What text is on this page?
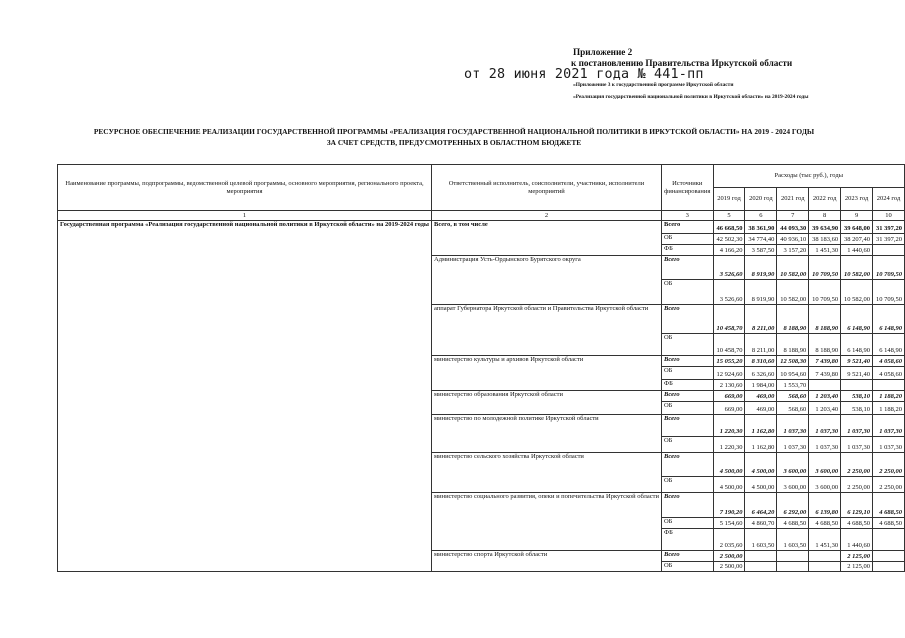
Приложение 2
к постановлению Правительства Иркутской области
от 28 июня 2021 года № 441-пп
«Приложение 3 к государственной программе Иркутской области
«Реализация государственной национальной политики в Иркутской области» на 2019-2024 годы
РЕСУРСНОЕ ОБЕСПЕЧЕНИЕ РЕАЛИЗАЦИИ ГОСУДАРСТВЕННОЙ ПРОГРАММЫ «РЕАЛИЗАЦИЯ ГОСУДАРСТВЕННОЙ НАЦИОНАЛЬНОЙ ПОЛИТИКИ В ИРКУТСКОЙ ОБЛАСТИ» НА 2019 - 2024 ГОДЫ
ЗА СЧЕТ СРЕДСТВ, ПРЕДУСМОТРЕННЫХ В ОБЛАСТНОМ БЮДЖЕТЕ
Наименование программы, подпрограммы, ведомственной целевой программы, основного мероприятия, регионального проекта, мероприятия	Ответственный исполнитель, соисполнители, участники, исполнители мероприятий	Источники финансирования	Расходы (тыс руб.), годы					
			2019 год	2020 год	2021 год	2022 год	2023 год	2024 год
1	2	3	5	6	7	8	9	10
Государственная программа «Реализация государственной национальной политики в Иркутской области» на 2019-2024 годы	Всего, в том числе	Всего	46 668,50	38 361,90	44 093,30	39 634,90	39 648,00	31 397,20
		ОБ	42 502,30	34 774,40	40 936,10	38 183,60	38 207,40	31 397,20
		ФБ	4 166,20	3 587,50	3 157,20	1 451,30	1 440,60	
	Администрация Усть-Ордынского Бурятского округа	Всего	3 526,60	8 919,90	10 582,00	10 709,50	10 582,00	10 709,50
		ОБ	3 526,60	8 919,90	10 582,00	10 709,50	10 582,00	10 709,50
	аппарат Губернатора Иркутской области и Правительства Иркутской области	Всего	10 458,70	8 211,00	8 188,90	8 188,90	6 148,90	6 148,90
		ОБ	10 458,70	8 211,00	8 188,90	8 188,90	6 148,90	6 148,90
	министерство культуры и архивов Иркутской области	Всего	15 055,20	8 310,60	12 508,30	7 439,80	9 521,40	4 058,60
		ОБ	12 924,60	6 326,60	10 954,60	7 439,80	9 521,40	4 058,60
		ФБ	2 130,60	1 984,00	1 553,70			
	министерство образования Иркутской области	Всего	669,00	469,00	568,60	1 203,40	538,10	1 188,20
		ОБ	669,00	469,00	568,60	1 203,40	538,10	1 188,20
	министерство по молодежной политике Иркутской области	Всего	1 220,30	1 162,80	1 037,30	1 037,30	1 037,30	1 037,30
		ОБ	1 220,30	1 162,80	1 037,30	1 037,30	1 037,30	1 037,30
	министерство сельского хозяйства Иркутской области	Всего	4 500,00	4 500,00	3 600,00	3 600,00	2 250,00	2 250,00
		ОБ	4 500,00	4 500,00	3 600,00	3 600,00	2 250,00	2 250,00
	министерство социального развития, опеки и попечительства Иркутской области	Всего	7 190,20	6 464,20	6 292,00	6 139,80	6 129,10	4 688,50
		ОБ	5 154,60	4 860,70	4 688,50	4 688,50	4 688,50	4 688,50
		ФБ	2 035,60	1 603,50	1 603,50	1 451,30	1 440,60	
	министерство спорта Иркутской области	Всего	2 500,00				2 125,00	
		ОБ	2 500,00				2 125,00	
